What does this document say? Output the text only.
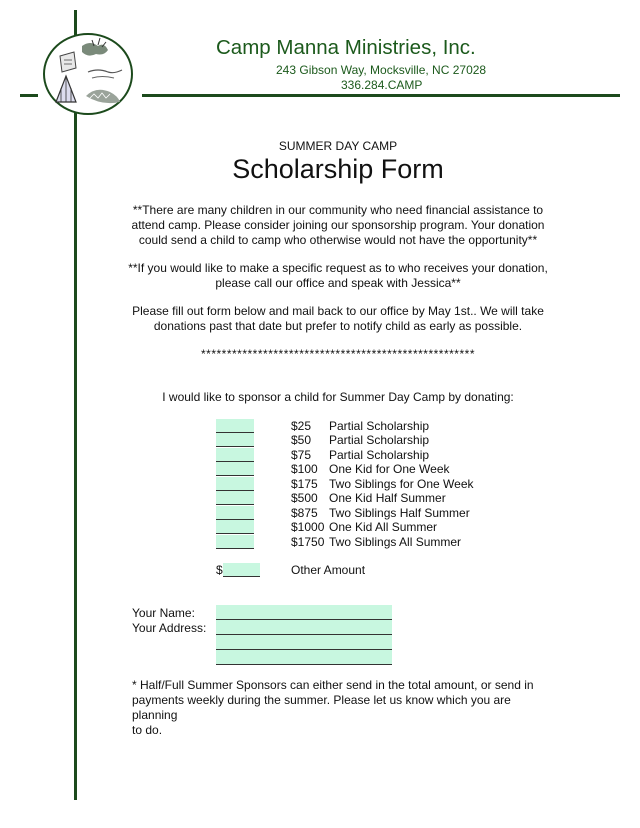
Camp Manna Ministries, Inc.
243 Gibson Way, Mocksville, NC 27028
336.284.CAMP
SUMMER DAY CAMP
Scholarship Form
**There are many children in our community who need financial assistance to
attend camp. Please consider joining our sponsorship program. Your donation
could send a child to camp who otherwise would not have the opportunity**
**If you would like to make a specific request as to who receives your donation,
please call our office and speak with Jessica**
Please fill out form below and mail back to our office by May 1st.. We will take
donations past that date but prefer to notify child as early as possible.
*****************************************************
I would like to sponsor a child for Summer Day Camp by donating:
$25 Partial Scholarship
$50 Partial Scholarship
$75 Partial Scholarship
$100 One Kid for One Week
$175 Two Siblings for One Week
$500 One Kid Half Summer
$875 Two Siblings Half Summer
$1000 One Kid All Summer
$1750 Two Siblings All Summer
$	Other Amount
Your Name:
Your Address:
* Half/Full Summer Sponsors can either send in the total amount, or send in
payments weekly during the summer. Please let us know which you are planning
to do.
